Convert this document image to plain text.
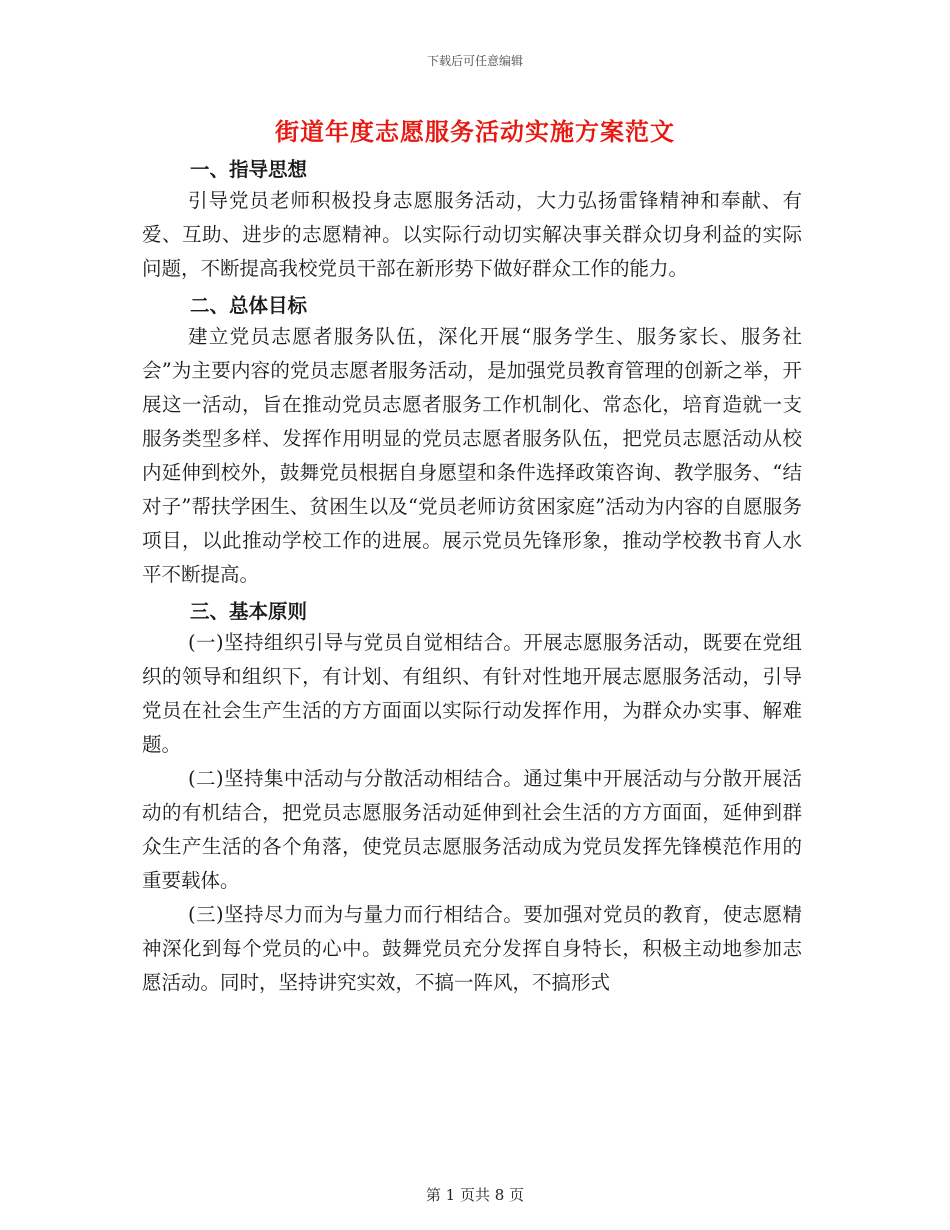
下载后可任意编辑
街道年度志愿服务活动实施方案范文
一、指导思想

引导党员老师积极投身志愿服务活动，大力弘扬雷锋精神和奉献、有爱、互助、进步的志愿精神。以实际行动切实解决事关群众切身利益的实际问题，不断提高我校党员干部在新形势下做好群众工作的能力。

二、总体目标

建立党员志愿者服务队伍，深化开展“服务学生、服务家长、服务社会”为主要内容的党员志愿者服务活动，是加强党员教育管理的创新之举，开展这一活动，旨在推动党员志愿者服务工作机制化、常态化，培育造就一支服务类型多样、发挥作用明显的党员志愿者服务队伍，把党员志愿活动从校内延伸到校外，鼓舞党员根据自身愿望和条件选择政策咨询、教学服务、“结对子”帮扶学困生、贫困生以及“党员老师访贫困家庭”活动为内容的自愿服务项目，以此推动学校工作的进展。展示党员先锋形象，推动学校教书育人水平不断提高。

三、基本原则

(一)坚持组织引导与党员自觉相结合。开展志愿服务活动，既要在党组织的领导和组织下，有计划、有组织、有针对性地开展志愿服务活动，引导党员在社会生产生活的方方面面以实际行动发挥作用，为群众办实事、解难题。

(二)坚持集中活动与分散活动相结合。通过集中开展活动与分散开展活动的有机结合，把党员志愿服务活动延伸到社会生活的方方面面，延伸到群众生产生活的各个角落，使党员志愿服务活动成为党员发挥先锋模范作用的重要载体。

(三)坚持尽力而为与量力而行相结合。要加强对党员的教育，使志愿精神深化到每个党员的心中。鼓舞党员充分发挥自身特长，积极主动地参加志愿活动。同时，坚持讲究实效，不搞一阵风，不搞形式

第 1 页共 8 页
